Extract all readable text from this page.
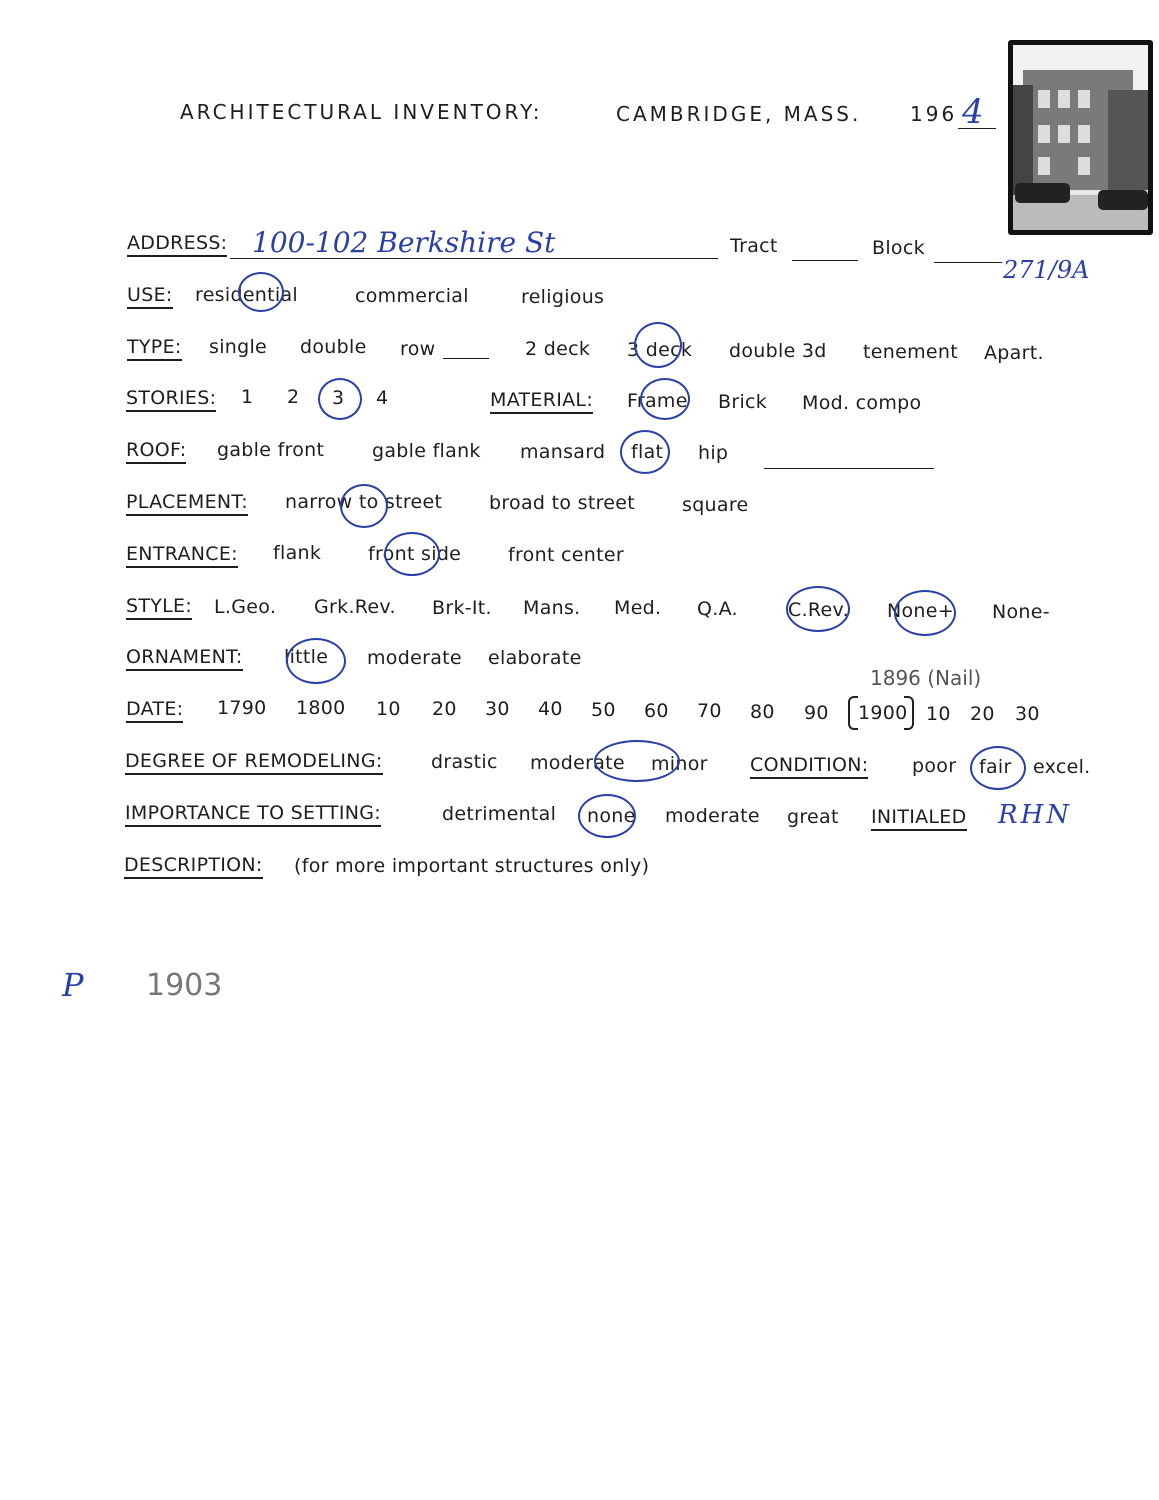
ARCHITECTURAL INVENTORY:	CAMBRIDGE, MASS. 196 4
ADDRESS: 100-102 Berkshire St	Tract	Block
271/9A
USE: residential	commercial	religious
TYPE: single double row	2 deck 3 deck double 3d tenement Apart.
STORIES: 1 2 3 4	MATERIAL: Frame Brick Mod. compo
ROOF: gable front	gable flank mansard flat hip
PLACEMENT: narrow to street broad to street square
ENTRANCE: flank front side front center
STYLE: L.Geo. Grk.Rev. Brk-It. Mans. Med. Q.A.	C.Rev. None+ None-
ORNAMENT: little moderate elaborate
DATE: 1790 1800 10 20 30 40 50 60 70 80 90 1900 10 20 30
1896 (Nail)
DEGREE OF REMODELING:	drastic moderate minor CONDITION: poor fair excel.
IMPORTANCE TO SETTING:	detrimental none moderate great INITIALED RHN
DESCRIPTION: (for more important structures only)
P 1903
